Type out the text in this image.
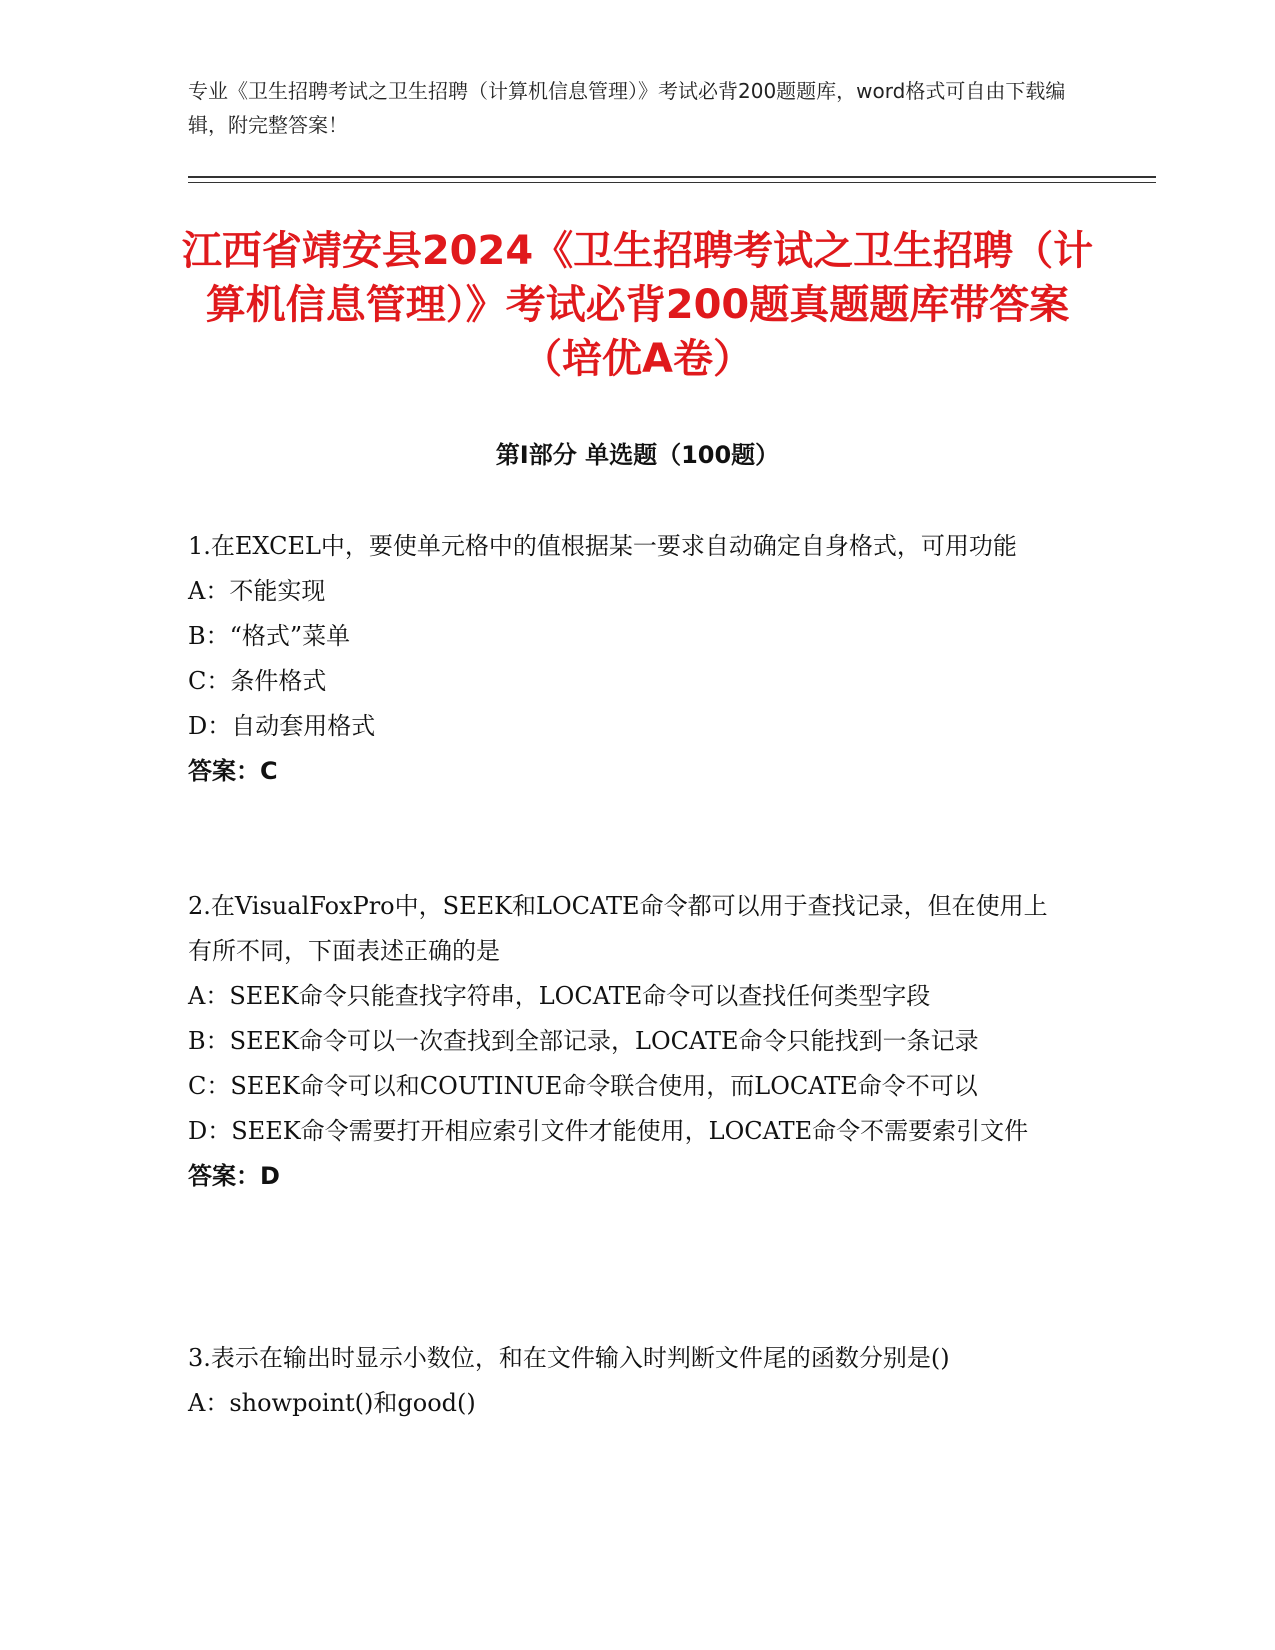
专业《卫生招聘考试之卫生招聘（计算机信息管理）》考试必背200题题库，word格式可自由下载编辑，附完整答案！
江西省靖安县2024《卫生招聘考试之卫生招聘（计算机信息管理）》考试必背200题真题题库带答案（培优A卷）
第Ⅰ部分 单选题（100题）

1.在EXCEL中，要使单元格中的值根据某一要求自动确定自身格式，可用功能

A：不能实现

B：“格式”菜单

C：条件格式

D：自动套用格式

答案：C

2.在VisualFoxPro中，SEEK和LOCATE命令都可以用于查找记录，但在使用上有所不同，下面表述正确的是

A：SEEK命令只能查找字符串，LOCATE命令可以查找任何类型字段

B：SEEK命令可以一次查找到全部记录，LOCATE命令只能找到一条记录

C：SEEK命令可以和COUTINUE命令联合使用，而LOCATE命令不可以

D：SEEK命令需要打开相应索引文件才能使用，LOCATE命令不需要索引文件

答案：D

3.表示在输出时显示小数位，和在文件输入时判断文件尾的函数分别是()

A：showpoint()和good()
